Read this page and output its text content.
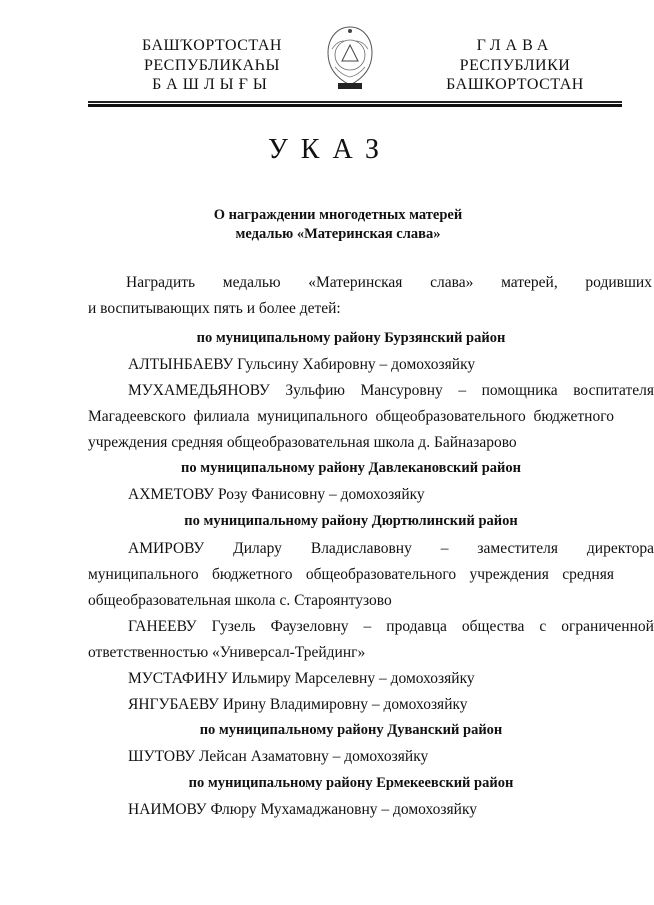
БАШҠОРТОСТАН
РЕСПУБЛИКАҺЫ
БАШЛЫҒЫ
ГЛАВА
РЕСПУБЛИКИ
БАШКОРТОСТАН
УКАЗ
О награждении многодетных матерей
медалью «Материнская слава»
Наградить медалью «Материнская слава» матерей, родивших
и воспитывающих пять и более детей:
по муниципальному району Бурзянский район
АЛТЫНБАЕВУ Гульсину Хабировну – домохозяйку
МУХАМЕДЬЯНОВУ Зульфию Мансуровну – помощника воспитателя
Магадеевского филиала муниципального общеобразовательного бюджетного
учреждения средняя общеобразовательная школа д. Байназарово
по муниципальному району Давлекановский район
АХМЕТОВУ Розу Фанисовну – домохозяйку
по муниципальному району Дюртюлинский район
АМИРОВУ Дилару Владиславовну – заместителя директора
муниципального бюджетного общеобразовательного учреждения средняя
общеобразовательная школа с. Староянтузово
ГАНЕЕВУ Гузель Фаузеловну – продавца общества с ограниченной
ответственностью «Универсал-Трейдинг»
МУСТАФИНУ Ильмиру Марселевну – домохозяйку
ЯНГУБАЕВУ Ирину Владимировну – домохозяйку
по муниципальному району Дуванский район
ШУТОВУ Лейсан Азаматовну – домохозяйку
по муниципальному району Ермекеевский район
НАИМОВУ Флюру Мухамаджановну – домохозяйку
